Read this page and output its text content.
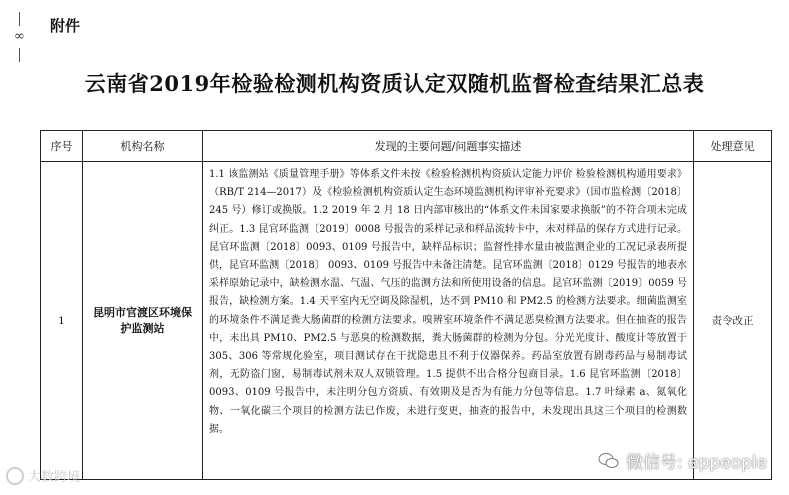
∞
附件
云南省2019年检验检测机构资质认定双随机监督检查结果汇总表
序号	机构名称	发现的主要问题/问题事实描述	处理意见
1	昆明市官渡区环境保护监测站	1.1 该监测站《质量管理手册》等体系文件未按《检验检测机构资质认定能力评价 检验检测机构通用要求》（RB/T 214—2017）及《检验检测机构资质认定生态环境监测机构评审补充要求》（国市监检测〔2018〕245 号）修订或换版。1.2 2019 年 2 月 18 日内部审核出的“体系文件未国家要求换版”的不符合项未完成纠正。1.3 昆官环监测〔2019〕0008 号报告的采样记录和样品流转卡中，未对样品的保存方式进行记录。昆官环监测〔2018〕0093、0109 号报告中，缺样品标识；监督性排水量由被监测企业的工况记录表所提供，昆官环监测〔2018〕 0093、0109 号报告中未备注清楚。昆官环监测〔2018〕0129 号报告的地表水采样原始记录中，缺检测水温、气温、气压的监测方法和所使用设备的信息。昆官环监测〔2019〕0059 号报告，缺检测方案。1.4 天平室内无空调及除湿机，达不到 PM10 和 PM2.5 的检测方法要求。细菌监测室的环境条件不满足粪大肠菌群的检测方法要求。嗅辨室环境条件不满足恶臭检测方法要求。但在抽查的报告中，未出具 PM10、PM2.5 与恶臭的检测数据，粪大肠菌群的检测为分包。分光光度计、酸度计等放置于 305、306 等常规化验室，项目测试存在干扰隐患且不利于仪器保养。药品室放置有剧毒药品与易制毒试剂，无防盗门窗，易制毒试剂未双人双锁管理。1.5 提供不出合格分包商目录。1.6 昆官环监测〔2018〕0093、0109 号报告中，未注明分包方资质、有效期及是否为有能力分包等信息。1.7 叶绿素 a、氮氧化物、一氧化碳三个项目的检测方法已作废，未进行变更，抽查的报告中，未发现出具这三个项目的检测数据。	责令改正
大数跨境
微信号: eppeople
